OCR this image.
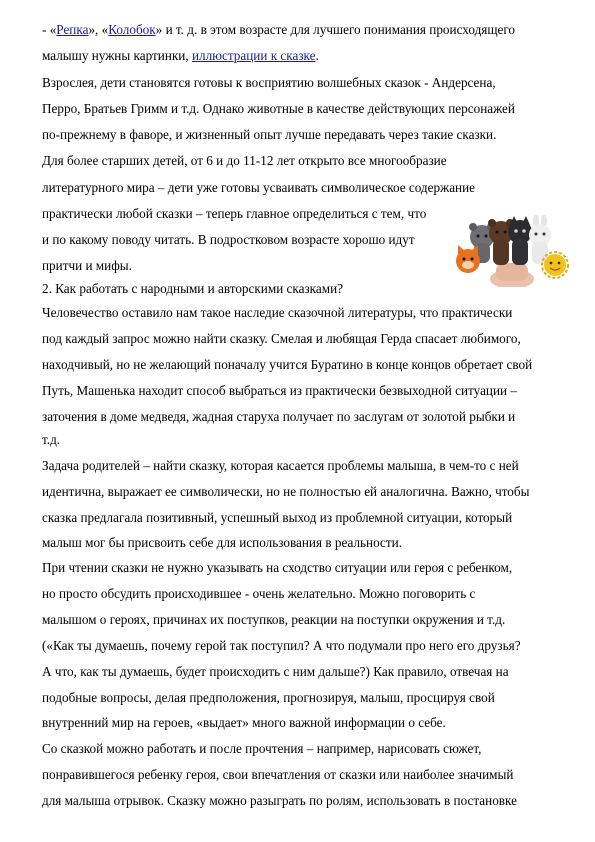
- «Репка», «Колобок» и т. д. в этом возрасте для лучшего понимания происходящего
малышу нужны картинки, иллюстрации к сказке.
Взрослея, дети становятся готовы к восприятию волшебных сказок - Андерсена,
Перро, Братьев Гримм и т.д. Однако животные в качестве действующих персонажей
по-прежнему в фаворе, и жизненный опыт лучше передавать через такие сказки.
Для более старших детей, от 6 и до 11-12 лет открыто все многообразие
литературного мира – дети уже готовы усваивать символическое содержание
практически любой сказки – теперь главное определиться с тем, что
и по какому поводу читать. В подростковом возрасте хорошо идут
притчи и мифы.
2. Как работать с народными и авторскими сказками?
Человечество оставило нам такое наследие сказочной литературы, что практически
под каждый запрос можно найти сказку. Смелая и любящая Герда спасает любимого,
находчивый, но не желающий поначалу учится Буратино в конце концов обретает свой
Путь, Машенька находит способ выбраться из практически безвыходной ситуации –
заточения в доме медведя, жадная старуха получает по заслугам от золотой рыбки и
т.д.
Задача родителей – найти сказку, которая касается проблемы малыша, в чем-то с ней
идентична, выражает ее символически, но не полностью ей аналогична. Важно, чтобы
сказка предлагала позитивный, успешный выход из проблемной ситуации, который
малыш мог бы присвоить себе для использования в реальности.
При чтении сказки не нужно указывать на сходство ситуации или героя с ребенком,
но просто обсудить происходившее - очень желательно. Можно поговорить с
малышом о героях, причинах их поступков, реакции на поступки окружения и т.д.
(«Как ты думаешь, почему герой так поступил? А что подумали про него его друзья?
А что, как ты думаешь, будет происходить с ним дальше?) Как правило, отвечая на
подобные вопросы, делая предположения, прогнозируя, малыш, просцируя свой
внутренний мир на героев, «выдает» много важной информации о себе.
Со сказкой можно работать и после прочтения – например, нарисовать сюжет,
понравившегося ребенку героя, свои впечатления от сказки или наиболее значимый
для малыша отрывок. Сказку можно разыграть по ролям, использовать в постановке
